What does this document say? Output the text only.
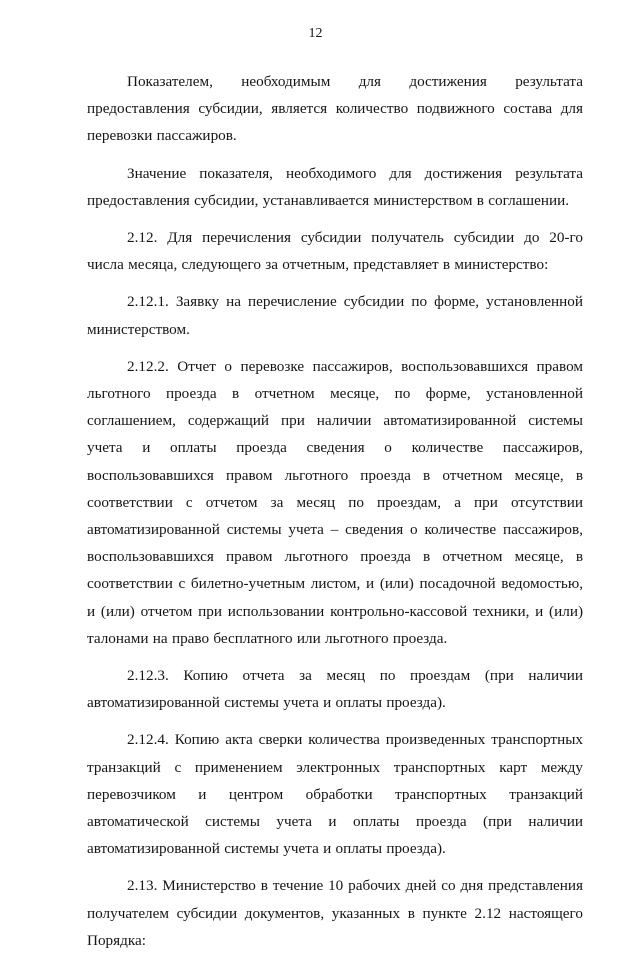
12

Показателем, необходимым для достижения результата предоставления субсидии, является количество подвижного состава для перевозки пассажиров.

Значение показателя, необходимого для достижения результата предоставления субсидии, устанавливается министерством в соглашении.

2.12. Для перечисления субсидии получатель субсидии до 20-го числа месяца, следующего за отчетным, представляет в министерство:

2.12.1. Заявку на перечисление субсидии по форме, установленной министерством.

2.12.2. Отчет о перевозке пассажиров, воспользовавшихся правом льготного проезда в отчетном месяце, по форме, установленной соглашением, содержащий при наличии автоматизированной системы учета и оплаты проезда сведения о количестве пассажиров, воспользовавшихся правом льготного проезда в отчетном месяце, в соответствии с отчетом за месяц по проездам, а при отсутствии автоматизированной системы учета – сведения о количестве пассажиров, воспользовавшихся правом льготного проезда в отчетном месяце, в соответствии с билетно-учетным листом, и (или) посадочной ведомостью, и (или) отчетом при использовании контрольно-кассовой техники, и (или) талонами на право бесплатного или льготного проезда.

2.12.3. Копию отчета за месяц по проездам (при наличии автоматизированной системы учета и оплаты проезда).

2.12.4. Копию акта сверки количества произведенных транспортных транзакций с применением электронных транспортных карт между перевозчиком и центром обработки транспортных транзакций автоматической системы учета и оплаты проезда (при наличии автоматизированной системы учета и оплаты проезда).

2.13. Министерство в течение 10 рабочих дней со дня представления получателем субсидии документов, указанных в пункте 2.12 настоящего Порядка:
